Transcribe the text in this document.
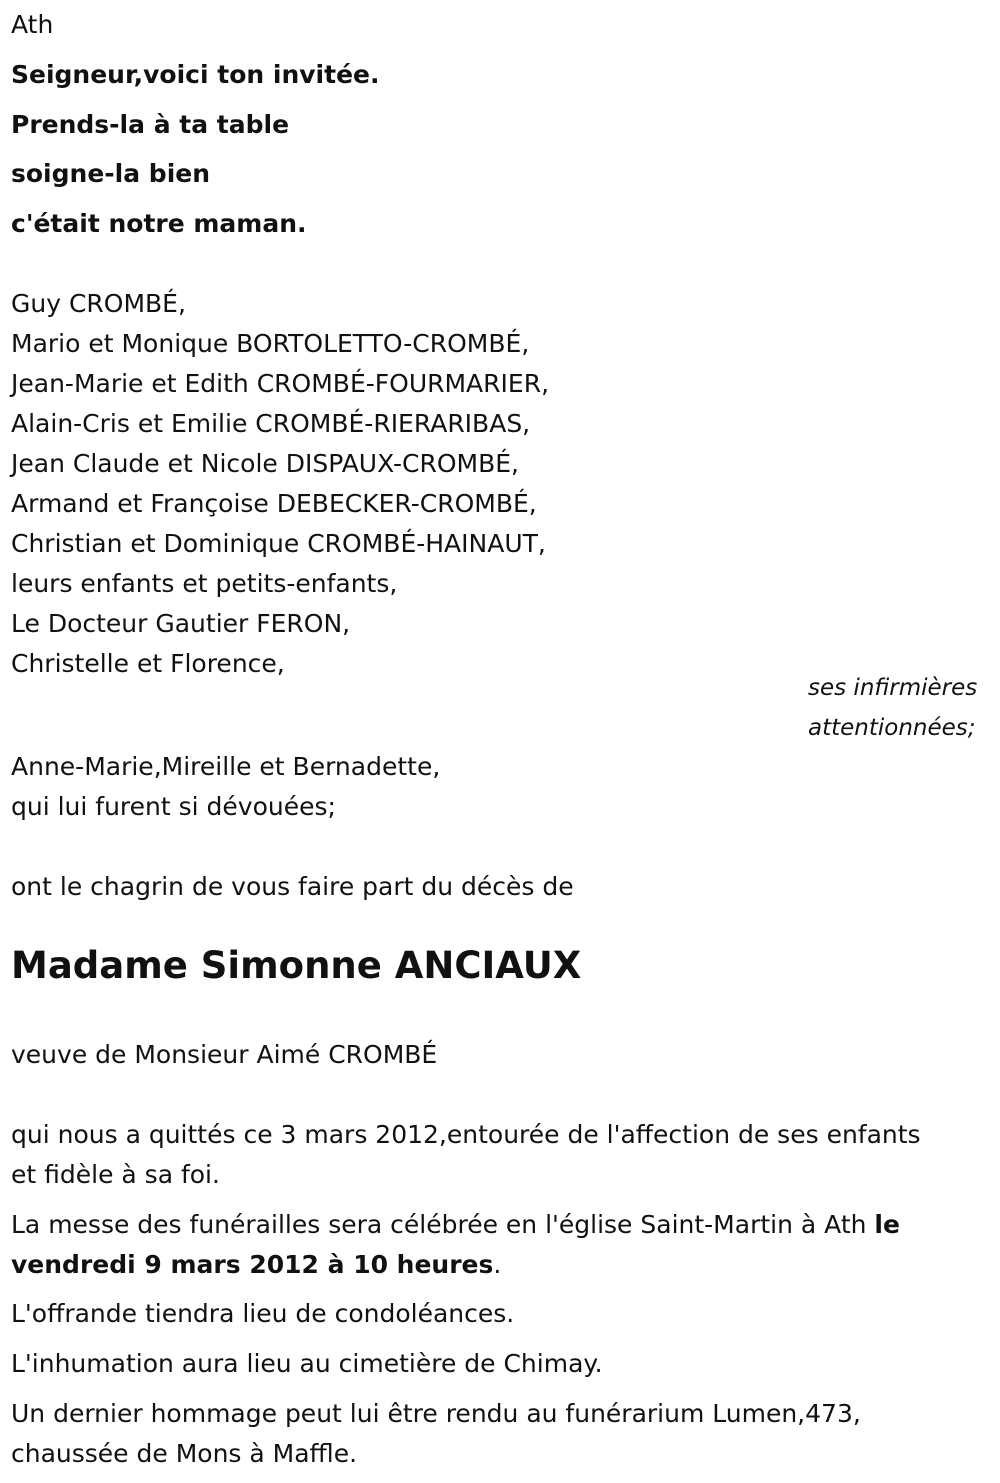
Ath
Seigneur,voici ton invitée.
Prends-la à ta table
soigne-la bien
c'était notre maman.
Guy CROMBÉ,
Mario et Monique BORTOLETTO-CROMBÉ,
Jean-Marie et Edith CROMBÉ-FOURMARIER,
Alain-Cris et Emilie CROMBÉ-RIERARIBAS,
Jean Claude et Nicole DISPAUX-CROMBÉ,
Armand et Françoise DEBECKER-CROMBÉ,
Christian et Dominique CROMBÉ-HAINAUT,
leurs enfants et petits-enfants,
Le Docteur Gautier FERON,
Christelle et Florence,
ses infirmières
attentionnées;
Anne-Marie,Mireille et Bernadette,
qui lui furent si dévouées;
ont le chagrin de vous faire part du décès de
Madame Simonne ANCIAUX
veuve de Monsieur Aimé CROMBÉ
qui nous a quittés ce 3 mars 2012,entourée de l'affection de ses enfants
et fidèle à sa foi.
La messe des funérailles sera célébrée en l'église Saint-Martin à Ath le
vendredi 9 mars 2012 à 10 heures.
L'offrande tiendra lieu de condoléances.
L'inhumation aura lieu au cimetière de Chimay.
Un dernier hommage peut lui être rendu au funérarium Lumen,473,
chaussée de Mons à Maffle.
